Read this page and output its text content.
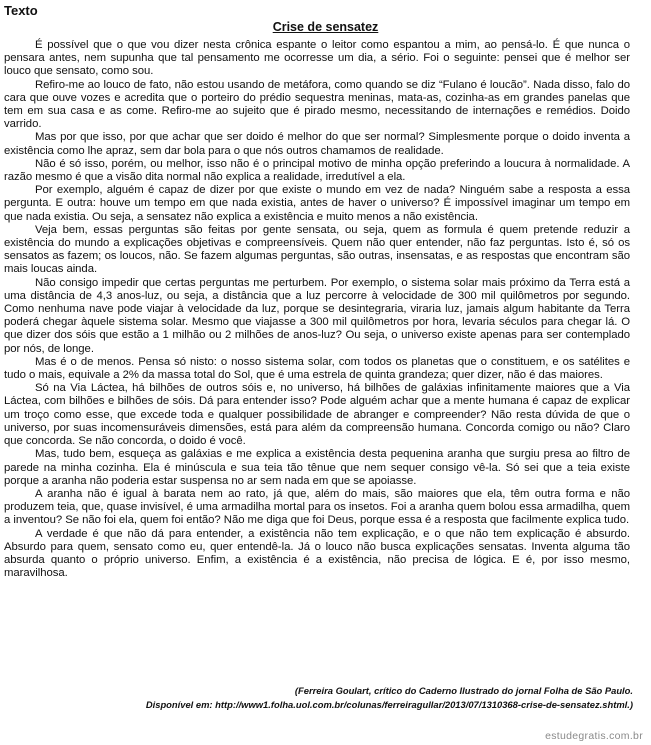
Texto
Crise de sensatez

É possível que o que vou dizer nesta crônica espante o leitor como espantou a mim, ao pensá-lo. É que nunca o pensara antes, nem supunha que tal pensamento me ocorresse um dia, a sério. Foi o seguinte: pensei que é melhor ser louco que sensato, como sou.

Refiro-me ao louco de fato, não estou usando de metáfora, como quando se diz “Fulano é loucão”. Nada disso, falo do cara que ouve vozes e acredita que o porteiro do prédio sequestra meninas, mata-as, cozinha-as em grandes panelas que tem em sua casa e as come. Refiro-me ao sujeito que é pirado mesmo, necessitando de internações e remédios. Doido varrido.

Mas por que isso, por que achar que ser doido é melhor do que ser normal? Simplesmente porque o doido inventa a existência como lhe apraz, sem dar bola para o que nós outros chamamos de realidade.

Não é só isso, porém, ou melhor, isso não é o principal motivo de minha opção preferindo a loucura à normalidade. A razão mesmo é que a visão dita normal não explica a realidade, irredutível a ela.

Por exemplo, alguém é capaz de dizer por que existe o mundo em vez de nada? Ninguém sabe a resposta a essa pergunta. E outra: houve um tempo em que nada existia, antes de haver o universo? É impossível imaginar um tempo em que nada existia. Ou seja, a sensatez não explica a existência e muito menos a não existência.

Veja bem, essas perguntas são feitas por gente sensata, ou seja, quem as formula é quem pretende reduzir a existência do mundo a explicações objetivas e compreensíveis. Quem não quer entender, não faz perguntas. Isto é, só os sensatos as fazem; os loucos, não. Se fazem algumas perguntas, são outras, insensatas, e as respostas que encontram são mais loucas ainda.

Não consigo impedir que certas perguntas me perturbem. Por exemplo, o sistema solar mais próximo da Terra está a uma distância de 4,3 anos-luz, ou seja, a distância que a luz percorre à velocidade de 300 mil quilômetros por segundo. Como nenhuma nave pode viajar à velocidade da luz, porque se desintegraria, viraria luz, jamais algum habitante da Terra poderá chegar àquele sistema solar. Mesmo que viajasse a 300 mil quilômetros por hora, levaria séculos para chegar lá. O que dizer dos sóis que estão a 1 milhão ou 2 milhões de anos-luz? Ou seja, o universo existe apenas para ser contemplado por nós, de longe.

Mas é o de menos. Pensa só nisto: o nosso sistema solar, com todos os planetas que o constituem, e os satélites e tudo o mais, equivale a 2% da massa total do Sol, que é uma estrela de quinta grandeza; quer dizer, não é das maiores.

Só na Via Láctea, há bilhões de outros sóis e, no universo, há bilhões de galáxias infinitamente maiores que a Via Láctea, com bilhões e bilhões de sóis. Dá para entender isso? Pode alguém achar que a mente humana é capaz de explicar um troço como esse, que excede toda e qualquer possibilidade de abranger e compreender? Não resta dúvida de que o universo, por suas incomensuráveis dimensões, está para além da compreensão humana. Concorda comigo ou não? Claro que concorda. Se não concorda, o doido é você.

Mas, tudo bem, esqueça as galáxias e me explica a existência desta pequenina aranha que surgiu presa ao filtro de parede na minha cozinha. Ela é minúscula e sua teia tão tênue que nem sequer consigo vê-la. Só sei que a teia existe porque a aranha não poderia estar suspensa no ar sem nada em que se apoiasse.

A aranha não é igual à barata nem ao rato, já que, além do mais, são maiores que ela, têm outra forma e não produzem teia, que, quase invisível, é uma armadilha mortal para os insetos. Foi a aranha quem bolou essa armadilha, quem a inventou? Se não foi ela, quem foi então? Não me diga que foi Deus, porque essa é a resposta que facilmente explica tudo.

A verdade é que não dá para entender, a existência não tem explicação, e o que não tem explicação é absurdo. Absurdo para quem, sensato como eu, quer entendê-la. Já o louco não busca explicações sensatas. Inventa alguma tão absurda quanto o próprio universo. Enfim, a existência é a existência, não precisa de lógica. E é, por isso mesmo, maravilhosa.

(Ferreira Goulart, crítico do Caderno Ilustrado do jornal Folha de São Paulo.
Disponível em: http://www1.folha.uol.com.br/colunas/ferreiragullar/2013/07/1310368-crise-de-sensatez.shtml.)
estudegratis.com.br
